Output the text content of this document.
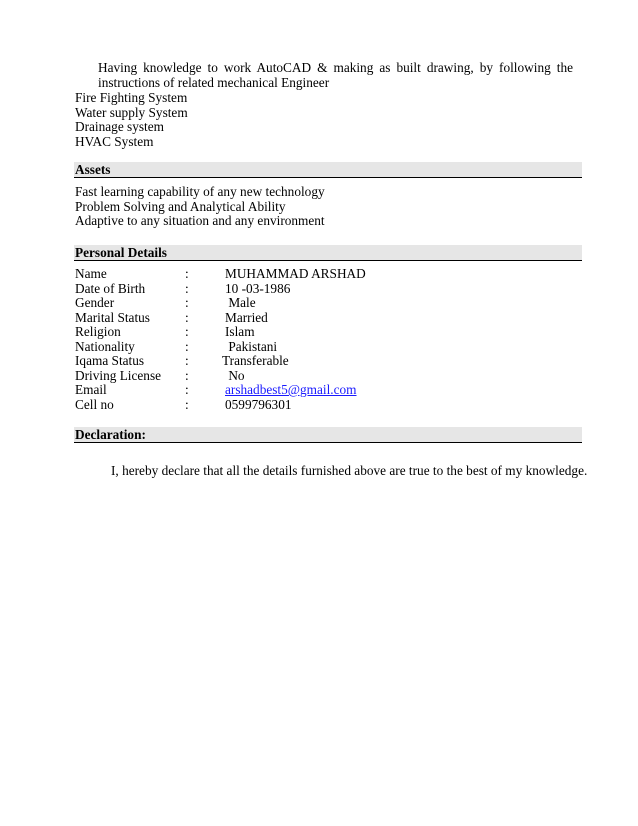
Having knowledge to work AutoCAD & making as built drawing, by following the instructions of related mechanical Engineer
Fire Fighting System
Water supply System
Drainage system
HVAC System
Assets
Fast learning capability of any new technology
Problem Solving and Analytical Ability
Adaptive to any situation and any environment
Personal Details
Name	:	MUHAMMAD ARSHAD
Date of Birth	:	10 -03-1986
Gender	:	Male
Marital Status	:	Married
Religion	:	Islam
Nationality	:	Pakistani
Iqama Status	:	Transferable
Driving License :	No
Email	:	arshadbest5@gmail.com
Cell no	:	0599796301
Declaration:
I, hereby declare that all the details furnished above are true to the best of my knowledge.
